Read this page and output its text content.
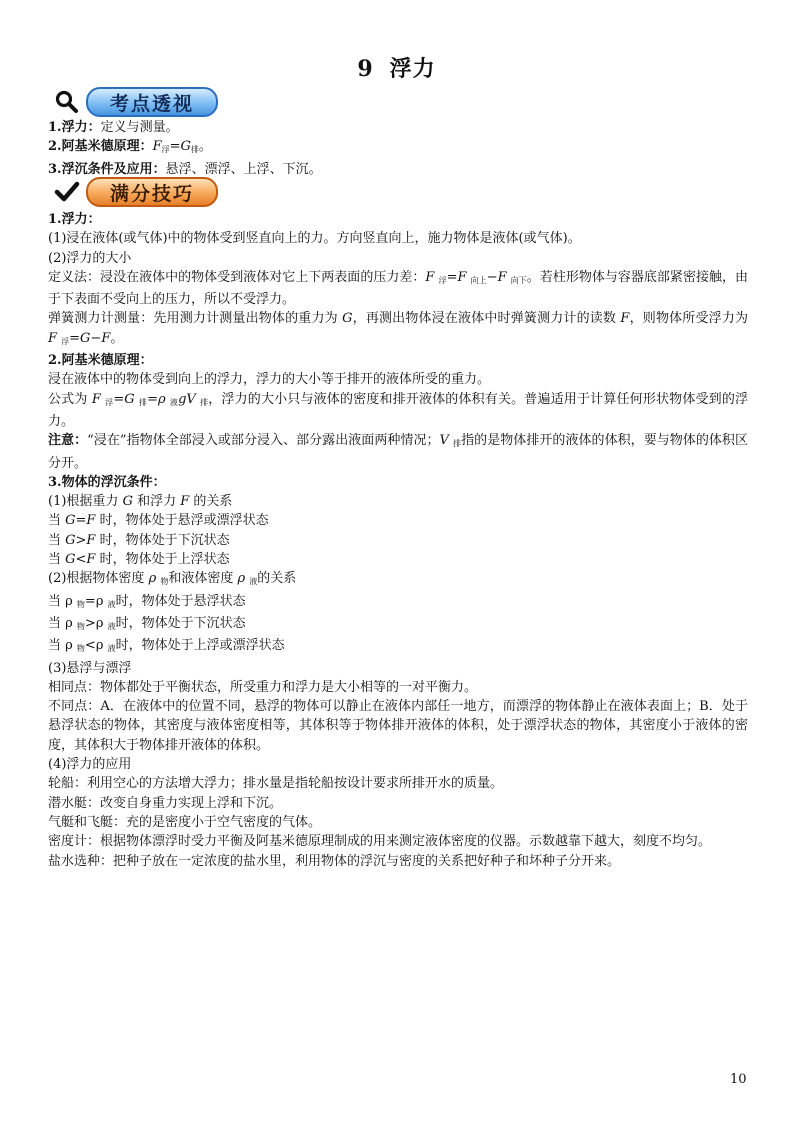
9 浮力
考点透视

1.浮力：定义与测量。

2.阿基米德原理：F浮=G排。

3.浮沉条件及应用：悬浮、漂浮、上浮、下沉。

满分技巧

1.浮力：

(1)浸在液体(或气体)中的物体受到竖直向上的力。方向竖直向上，施力物体是液体(或气体)。

(2)浮力的大小

定义法：浸没在液体中的物体受到液体对它上下两表面的压力差：F 浮=F 向上−F 向下。若柱形物体与容器底部紧密接触，由于下表面不受向上的压力，所以不受浮力。

弹簧测力计测量：先用测力计测量出物体的重力为 G，再测出物体浸在液体中时弹簧测力计的读数 F，则物体所受浮力为 F 浮=G−F。

2.阿基米德原理：

浸在液体中的物体受到向上的浮力，浮力的大小等于排开的液体所受的重力。

公式为 F 浮=G 排=ρ 液gV 排，浮力的大小只与液体的密度和排开液体的体积有关。普遍适用于计算任何形状物体受到的浮力。

注意：“浸在”指物体全部浸入或部分浸入、部分露出液面两种情况；V 排指的是物体排开的液体的体积，要与物体的体积区分开。

3.物体的浮沉条件：

(1)根据重力 G 和浮力 F 的关系

当 G=F 时，物体处于悬浮或漂浮状态

当 G>F 时，物体处于下沉状态

当 G<F 时，物体处于上浮状态

(2)根据物体密度 ρ 物和液体密度 ρ 液的关系

当 ρ 物=ρ 液时，物体处于悬浮状态

当 ρ 物>ρ 液时，物体处于下沉状态

当 ρ 物<ρ 液时，物体处于上浮或漂浮状态

(3)悬浮与漂浮

相同点：物体都处于平衡状态，所受重力和浮力是大小相等的一对平衡力。

不同点：A．在液体中的位置不同，悬浮的物体可以静止在液体内部任一地方，而漂浮的物体静止在液体表面上；B．处于悬浮状态的物体，其密度与液体密度相等，其体积等于物体排开液体的体积，处于漂浮状态的物体，其密度小于液体的密度，其体积大于物体排开液体的体积。

(4)浮力的应用

轮船：利用空心的方法增大浮力；排水量是指轮船按设计要求所排开水的质量。

潜水艇：改变自身重力实现上浮和下沉。

气艇和飞艇：充的是密度小于空气密度的气体。

密度计：根据物体漂浮时受力平衡及阿基米德原理制成的用来测定液体密度的仪器。示数越靠下越大，刻度不均匀。

盐水选种：把种子放在一定浓度的盐水里，利用物体的浮沉与密度的关系把好种子和坏种子分开来。

10
